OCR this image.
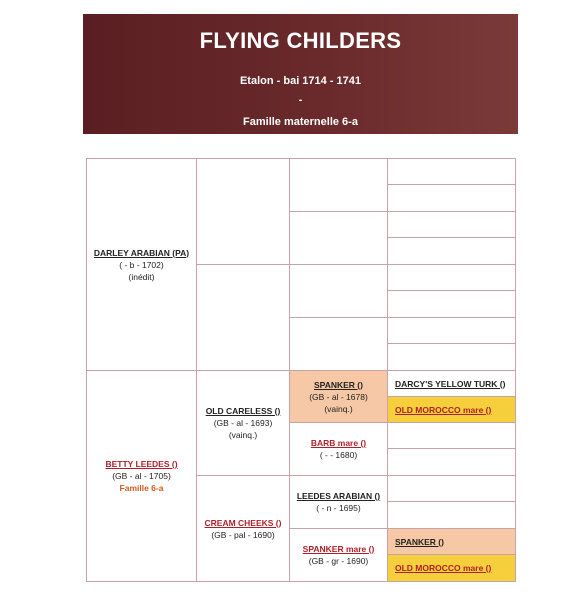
FLYING CHILDERS
Etalon - bai 1714 - 1741
-
Famille maternelle 6-a
DARLEY ARABIAN (PA)
( - b - 1702)
(inédit)
BETTY LEEDES ()
(GB - al - 1705)
Famille 6-a
OLD CARELESS ()
(GB - al - 1693)
(vainq.)
CREAM CHEEKS ()
(GB - pal - 1690)
SPANKER ()
(GB - al - 1678)
(vainq.)
BARB mare ()
( - - 1680)
LEEDES ARABIAN ()
( - n - 1695)
SPANKER mare ()
(GB - gr - 1690)
DARCY'S YELLOW TURK ()
OLD MOROCCO mare ()
SPANKER ()
OLD MOROCCO mare ()
